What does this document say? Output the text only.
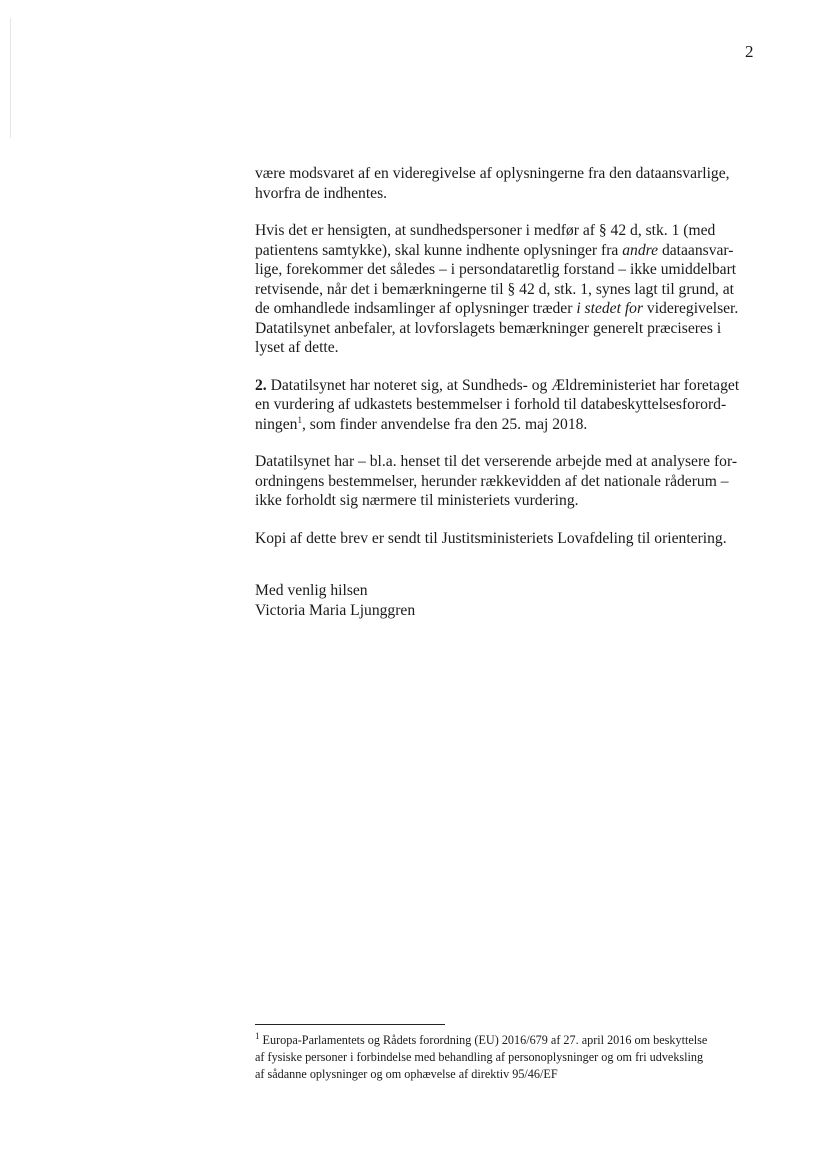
2

være modsvaret af en videregivelse af oplysningerne fra den dataansvarlige,
hvorfra de indhentes.

Hvis det er hensigten, at sundhedspersoner i medfør af § 42 d, stk. 1 (med
patientens samtykke), skal kunne indhente oplysninger fra andre dataansvar-
lige, forekommer det således – i persondataretlig forstand – ikke umiddelbart
retvisende, når det i bemærkningerne til § 42 d, stk. 1, synes lagt til grund, at
de omhandlede indsamlinger af oplysninger træder i stedet for videregivelser.
Datatilsynet anbefaler, at lovforslagets bemærkninger generelt præciseres i
lyset af dette.

2. Datatilsynet har noteret sig, at Sundheds- og Ældreministeriet har foretaget
en vurdering af udkastets bestemmelser i forhold til databeskyttelsesforord-
ningen$^1$, som finder anvendelse fra den 25. maj 2018.

Datatilsynet har – bl.a. henset til det verserende arbejde med at analysere for-
ordningens bestemmelser, herunder rækkevidden af det nationale råderum –
ikke forholdt sig nærmere til ministeriets vurdering.

Kopi af dette brev er sendt til Justitsministeriets Lovafdeling til orientering.

Med venlig hilsen
Victoria Maria Ljunggren
$^1$ Europa-Parlamentets og Rådets forordning (EU) 2016/679 af 27. april 2016 om beskyttelse
af fysiske personer i forbindelse med behandling af personoplysninger og om fri udveksling
af sådanne oplysninger og om ophævelse af direktiv 95/46/EF
